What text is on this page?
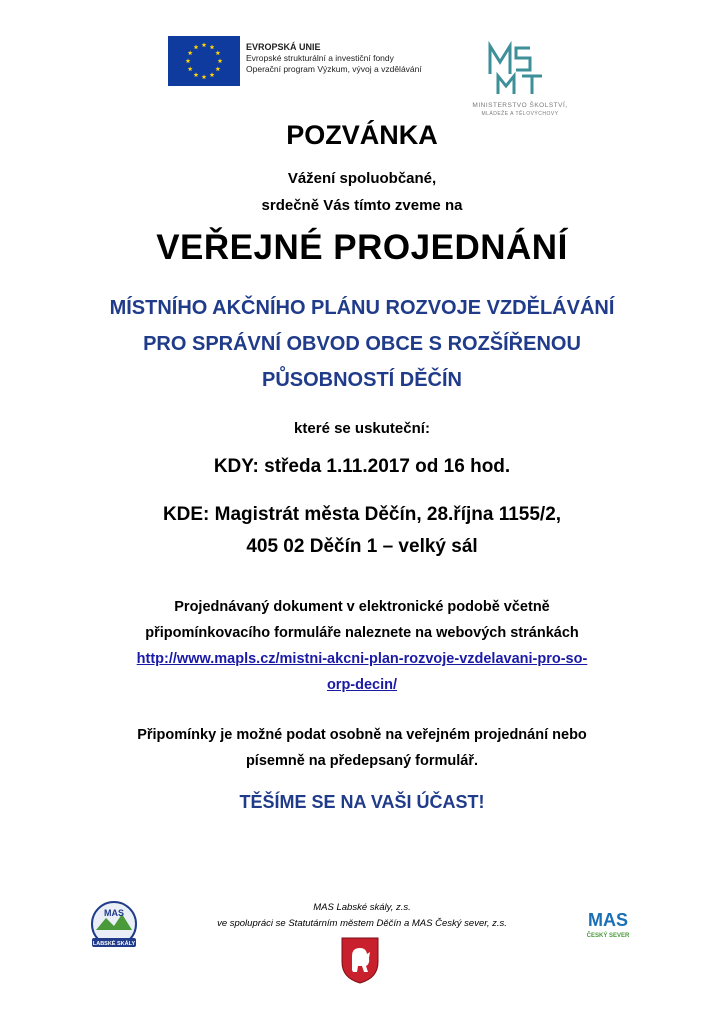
EVROPSKÁ UNIE
Evropské strukturální a investiční fondy
Operační program Výzkum, vývoj a vzdělávání
MINISTERSTVO ŠKOLSTVÍ,
MLÁDEŽE A TĚLOVÝCHOVY
POZVÁNKA
Vážení spoluobčané,
srdečně Vás tímto zveme na
VEŘEJNÉ PROJEDNÁNÍ
MÍSTNÍHO AKČNÍHO PLÁNU ROZVOJE VZDĚLÁVÁNÍ
PRO SPRÁVNÍ OBVOD OBCE S ROZŠÍŘENOU
PŮSOBNOSTÍ DĚČÍN
které se uskuteční:
KDY: středa 1.11.2017 od 16 hod.
KDE: Magistrát města Děčín, 28.října 1155/2,
405 02 Děčín 1 – velký sál
Projednávaný dokument v elektronické podobě včetně
připomínkovacího formuláře naleznete na webových stránkách
http://www.mapls.cz/mistni-akcni-plan-rozvoje-vzdelavani-pro-so-
orp-decin/
Připomínky je možné podat osobně na veřejném projednání nebo
písemně na předepsaný formulář.
TĚŠÍME SE NA VAŠI ÚČAST!
MAS
LABSKÉ SKÁLY
MAS Labské skály, z.s.
ve spolupráci se Statutárním městem Děčín a MAS Český sever, z.s.	MAS
ČESKÝ SEVER
